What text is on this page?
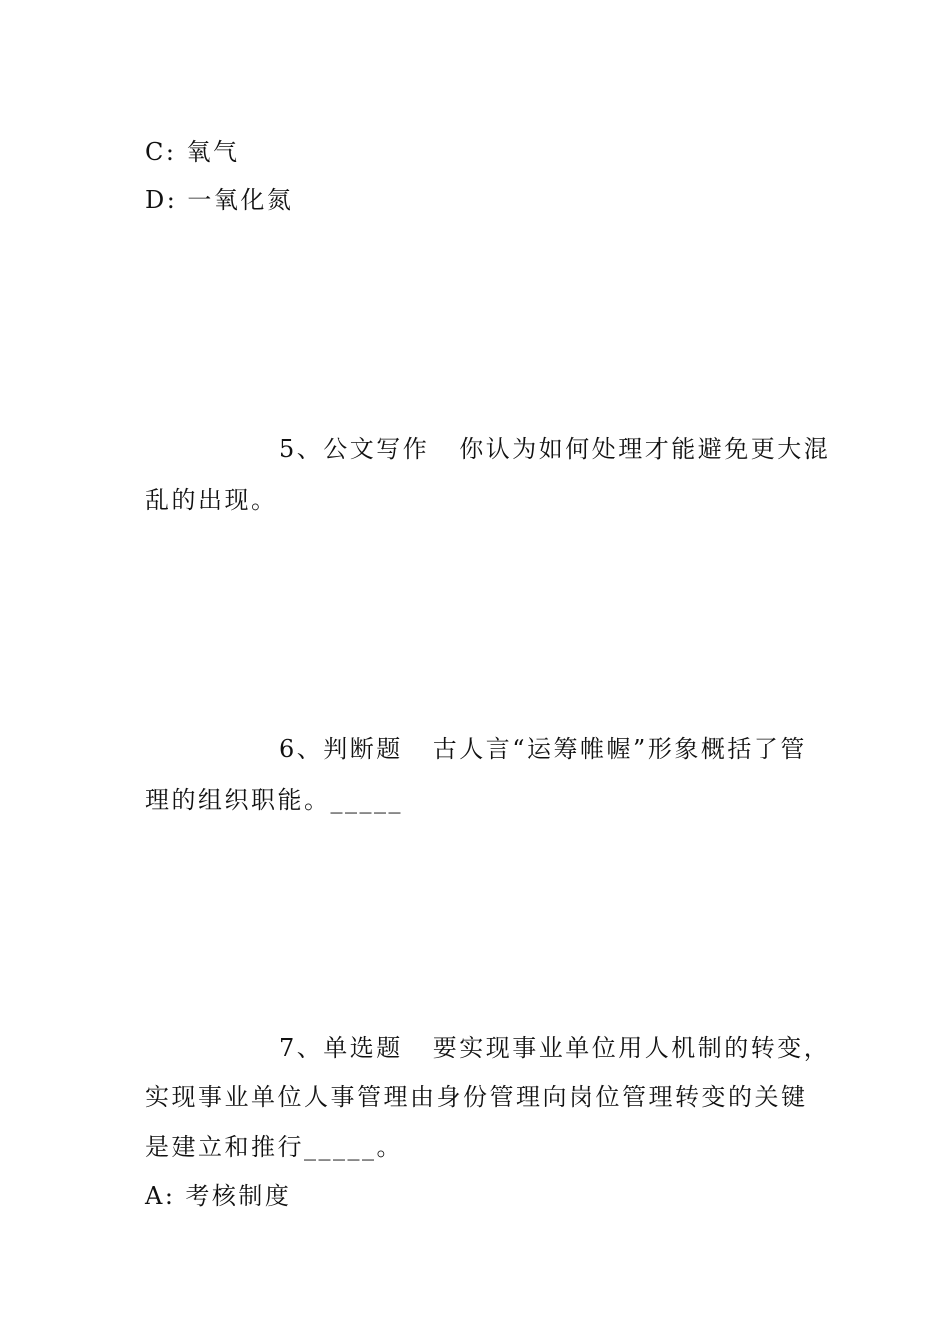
C: 氧气
D: 一氧化氮
5、公文写作 你认为如何处理才能避免更大混
乱的出现。
6、判断题 古人言“运筹帷幄”形象概括了管
理的组织职能。_____
7、单选题 要实现事业单位用人机制的转变，
实现事业单位人事管理由身份管理向岗位管理转变的关键
是建立和推行_____。
A: 考核制度
